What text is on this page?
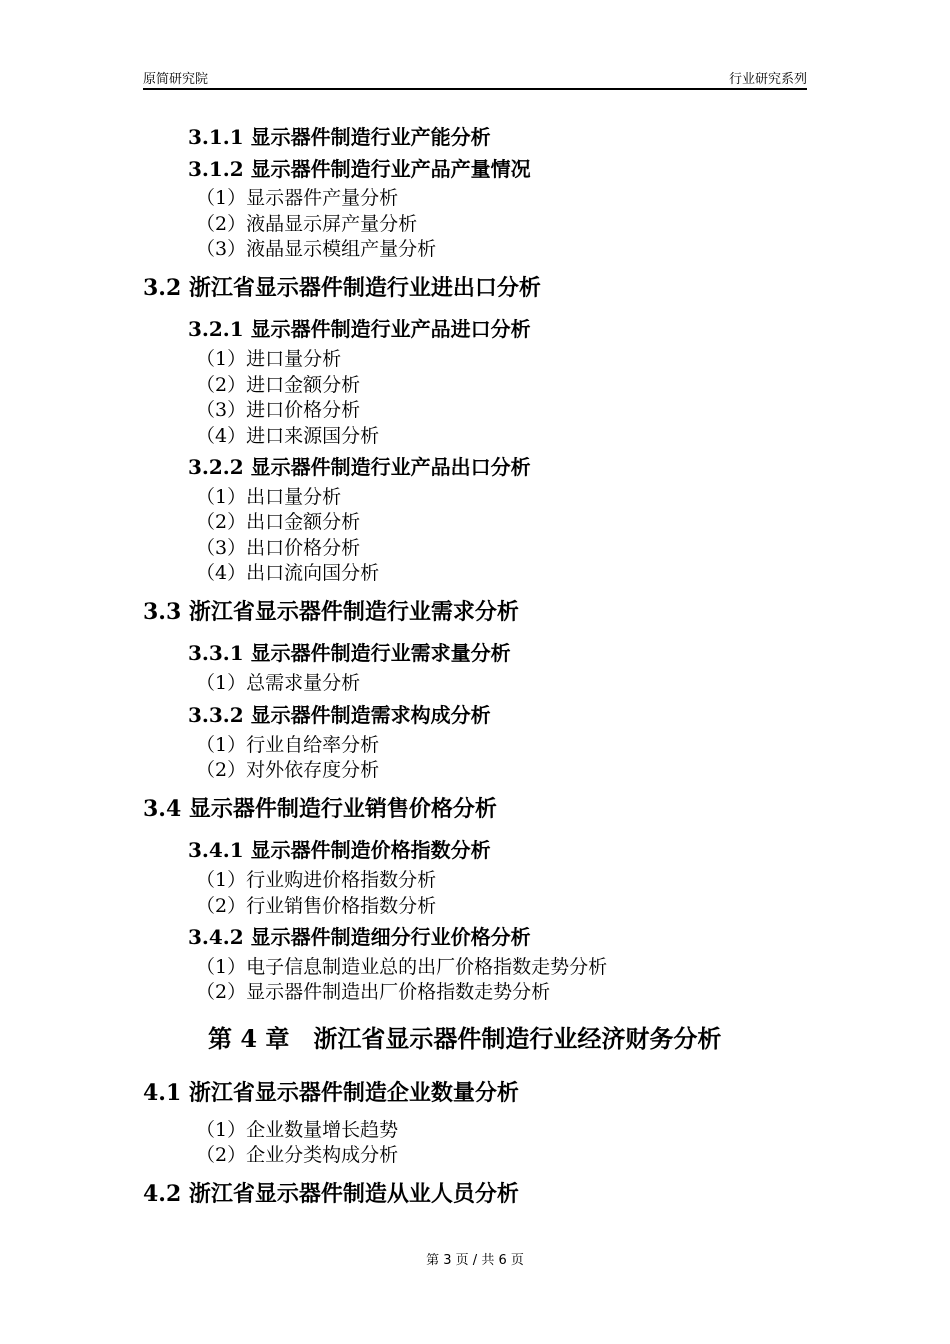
原简研究院	行业研究系列
3.1.1 显示器件制造行业产能分析
3.1.2 显示器件制造行业产品产量情况
（1）显示器件产量分析
（2）液晶显示屏产量分析
（3）液晶显示模组产量分析
3.2 浙江省显示器件制造行业进出口分析
3.2.1 显示器件制造行业产品进口分析
（1）进口量分析
（2）进口金额分析
（3）进口价格分析
（4）进口来源国分析
3.2.2 显示器件制造行业产品出口分析
（1）出口量分析
（2）出口金额分析
（3）出口价格分析
（4）出口流向国分析
3.3 浙江省显示器件制造行业需求分析
3.3.1 显示器件制造行业需求量分析
（1）总需求量分析
3.3.2 显示器件制造需求构成分析
（1）行业自给率分析
（2）对外依存度分析
3.4 显示器件制造行业销售价格分析
3.4.1 显示器件制造价格指数分析
（1）行业购进价格指数分析
（2）行业销售价格指数分析
3.4.2 显示器件制造细分行业价格分析
（1）电子信息制造业总的出厂价格指数走势分析
（2）显示器件制造出厂价格指数走势分析
第 4 章　浙江省显示器件制造行业经济财务分析
4.1 浙江省显示器件制造企业数量分析
（1）企业数量增长趋势
（2）企业分类构成分析
4.2 浙江省显示器件制造从业人员分析
第 3 页 / 共 6 页
